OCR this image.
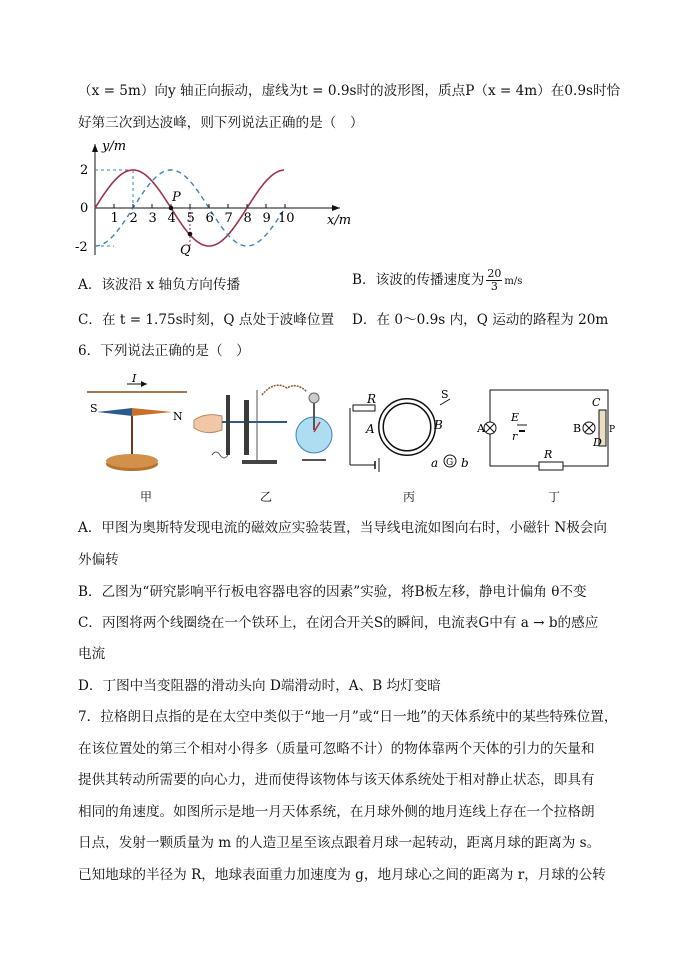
（x = 5m）向y 轴正向振动，虚线为t = 0.9s时的波形图，质点P（x = 4m）在0.9s时恰
好第三次到达波峰，则下列说法正确的是（　）
y/m
x/m
2
0
-2
1 2 3 4 5 6 7 8 9 10
P
Q
A．该波沿 x 轴负方向传播	B．该波的传播速度为 $\frac{20}{3} m/s$
C．在 t = 1.75s时刻，Q 点处于波峰位置 D．在 0～0.9s 内，Q 运动的路程为 20m
6．下列说法正确的是（　）
I
S
N
R
A	B
S
G
a b
A
E
r
B
C
D
P
R
甲	乙	丙	丁
A．甲图为奥斯特发现电流的磁效应实验装置，当导线电流如图向右时，小磁针 N极会向
外偏转
B．乙图为“研究影响平行板电容器电容的因素”实验，将B板左移，静电计偏角 θ不变
C．丙图将两个线圈绕在一个铁环上，在闭合开关S的瞬间，电流表G中有 a → b的感应
电流
D．丁图中当变阻器的滑动头向 D端滑动时，A、B 均灯变暗
7．拉格朗日点指的是在太空中类似于“地一月”或“日一地”的天体系统中的某些特殊位置，
在该位置处的第三个相对小得多（质量可忽略不计）的物体靠两个天体的引力的矢量和
提供其转动所需要的向心力，进而使得该物体与该天体系统处于相对静止状态，即具有
相同的角速度。如图所示是地一月天体系统，在月球外侧的地月连线上存在一个拉格朗
日点，发射一颗质量为 m 的人造卫星至该点跟着月球一起转动，距离月球的距离为 s。
已知地球的半径为 R，地球表面重力加速度为 g，地月球心之间的距离为 r，月球的公转
